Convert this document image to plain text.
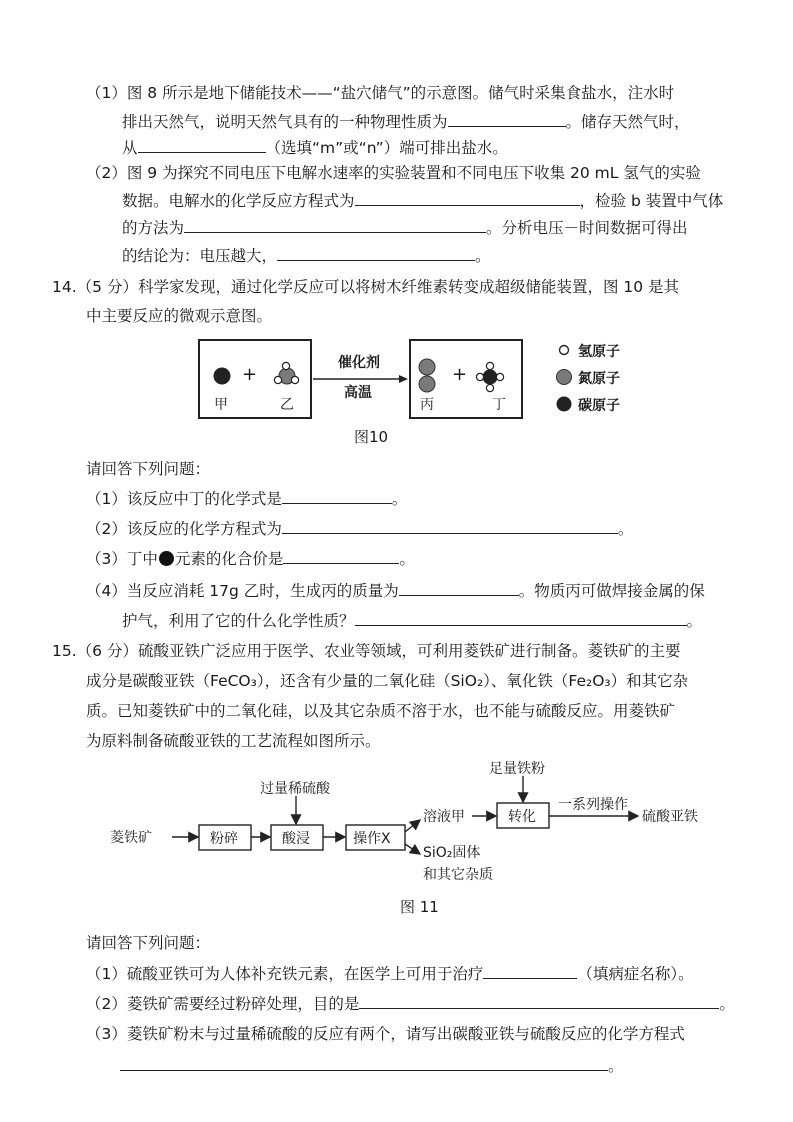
（1）图 8 所示是地下储能技术——“盐穴储气”的示意图。储气时采集食盐水，注水时
排出天然气，说明天然气具有的一种物理性质为	。储存天然气时，
从	（选填“m”或“n”）端可排出盐水。
（2）图 9 为探究不同电压下电解水速率的实验装置和不同电压下收集 20 mL 氢气的实验
数据。电解水的化学反应方程式为	，检验 b 装置中气体
的方法为	。分析电压－时间数据可得出
的结论为：电压越大，	。
14.（5 分）科学家发现，通过化学反应可以将树木纤维素转变成超级储能装置，图 10 是其
中主要反应的微观示意图。
+	+
甲	乙	丙	丁
催化剂
高温
氢原子
氮原子
碳原子
图10
请回答下列问题：
（1）该反应中丁的化学式是	。
（2）该反应的化学方程式为	。
（3）丁中 元素的化合价是	。
（4）当反应消耗 17g 乙时，生成丙的质量为	。物质丙可做焊接金属的保
护气，利用了它的什么化学性质？	。
15.（6 分）硫酸亚铁广泛应用于医学、农业等领域，可利用菱铁矿进行制备。菱铁矿的主要
成分是碳酸亚铁（FeCO₃），还含有少量的二氧化硅（SiO₂）、氧化铁（Fe₂O₃）和其它杂
质。已知菱铁矿中的二氧化硅，以及其它杂质不溶于水，也不能与硫酸反应。用菱铁矿
为原料制备硫酸亚铁的工艺流程如图所示。
菱铁矿	粉碎	酸浸
过量稀硫酸
操作X
溶液甲	转化
足量铁粉
一系列操作
硫酸亚铁
SiO₂固体
和其它杂质
图 11
请回答下列问题：
（1）硫酸亚铁可为人体补充铁元素，在医学上可用于治疗	（填病症名称）。
（2）菱铁矿需要经过粉碎处理，目的是	。
（3）菱铁矿粉末与过量稀硫酸的反应有两个，请写出碳酸亚铁与硫酸反应的化学方程式
。
